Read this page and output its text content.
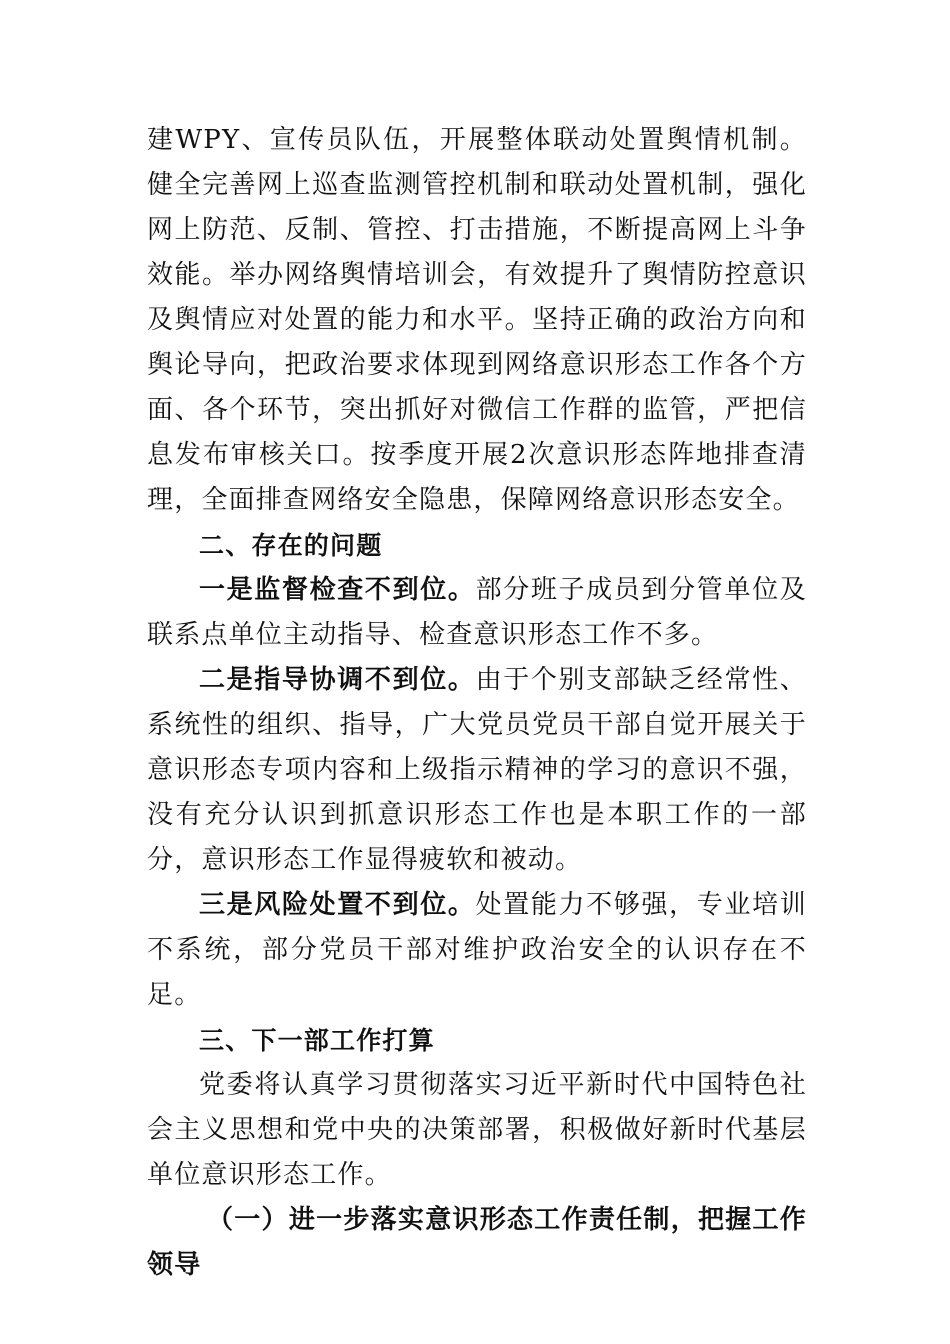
建WPY、宣传员队伍，开展整体联动处置舆情机制。健全完善网上巡查监测管控机制和联动处置机制，强化网上防范、反制、管控、打击措施，不断提高网上斗争效能。举办网络舆情培训会，有效提升了舆情防控意识及舆情应对处置的能力和水平。坚持正确的政治方向和舆论导向，把政治要求体现到网络意识形态工作各个方面、各个环节，突出抓好对微信工作群的监管，严把信息发布审核关口。按季度开展2次意识形态阵地排查清理，全面排查网络安全隐患，保障网络意识形态安全。

二、存在的问题

一是监督检查不到位。部分班子成员到分管单位及联系点单位主动指导、检查意识形态工作不多。

二是指导协调不到位。由于个别支部缺乏经常性、系统性的组织、指导，广大党员党员干部自觉开展关于意识形态专项内容和上级指示精神的学习的意识不强，没有充分认识到抓意识形态工作也是本职工作的一部分，意识形态工作显得疲软和被动。

三是风险处置不到位。处置能力不够强，专业培训不系统，部分党员干部对维护政治安全的认识存在不足。

三、下一部工作打算

党委将认真学习贯彻落实习近平新时代中国特色社会主义思想和党中央的决策部署，积极做好新时代基层单位意识形态工作。

（一）进一步落实意识形态工作责任制，把握工作领导
